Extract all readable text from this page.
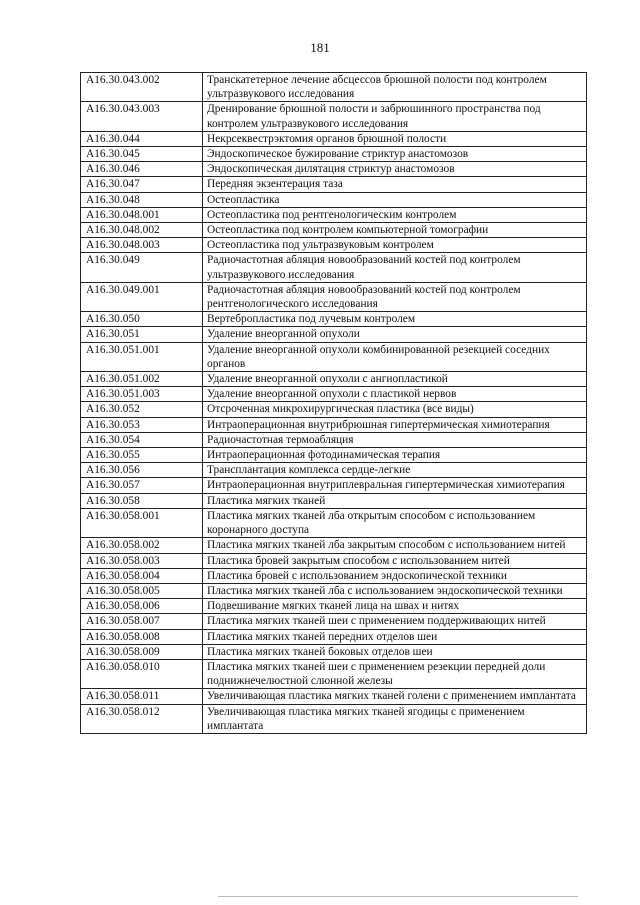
181
A16.30.043.002	Транскатетерное лечение абсцессов брюшной полости под контролем ультразвукового исследования
A16.30.043.003	Дренирование брюшной полости и забрюшинного пространства под контролем ультразвукового исследования
A16.30.044	Некрсеквестрэктомия органов брюшной полости
A16.30.045	Эндоскопическое бужирование стриктур анастомозов
A16.30.046	Эндоскопическая дилятация стриктур анастомозов
A16.30.047	Передняя экзентерация таза
A16.30.048	Остеопластика
A16.30.048.001	Остеопластика под рентгенологическим контролем
A16.30.048.002	Остеопластика под контролем компьютерной томографии
A16.30.048.003	Остеопластика под ультразвуковым контролем
A16.30.049	Радиочастотная абляция новообразований костей под контролем ультразвукового исследования
A16.30.049.001	Радиочастотная абляция новообразований костей под контролем рентгенологического исследования
A16.30.050	Вертебропластика под лучевым контролем
A16.30.051	Удаление внеорганной опухоли
A16.30.051.001	Удаление внеорганной опухоли комбинированной резекцией соседних органов
A16.30.051.002	Удаление внеорганной опухоли с ангиопластикой
A16.30.051.003	Удаление внеорганной опухоли с пластикой нервов
A16.30.052	Отсроченная микрохирургическая пластика (все виды)
A16.30.053	Интраоперационная внутрибрюшная гипертермическая химиотерапия
A16.30.054	Радиочастотная термоабляция
A16.30.055	Интраоперационная фотодинамическая терапия
A16.30.056	Трансплантация комплекса сердце-легкие
A16.30.057	Интраоперационная внутриплевральная гипертермическая химиотерапия
A16.30.058	Пластика мягких тканей
A16.30.058.001	Пластика мягких тканей лба открытым способом с использованием коронарного доступа
A16.30.058.002	Пластика мягких тканей лба закрытым способом с использованием нитей
A16.30.058.003	Пластика бровей закрытым способом с использованием нитей
A16.30.058.004	Пластика бровей с использованием эндоскопической техники
A16.30.058.005	Пластика мягких тканей лба с использованием эндоскопической техники
A16.30.058.006	Подвешивание мягких тканей лица на швах и нитях
A16.30.058.007	Пластика мягких тканей шеи с применением поддерживающих нитей
A16.30.058.008	Пластика мягких тканей передних отделов шеи
A16.30.058.009	Пластика мягких тканей боковых отделов шеи
A16.30.058.010	Пластика мягких тканей шеи с применением резекции передней доли поднижнечелюстной слюнной железы
A16.30.058.011	Увеличивающая пластика мягких тканей голени с применением имплантата
A16.30.058.012	Увеличивающая пластика мягких тканей ягодицы с применением имплантата
